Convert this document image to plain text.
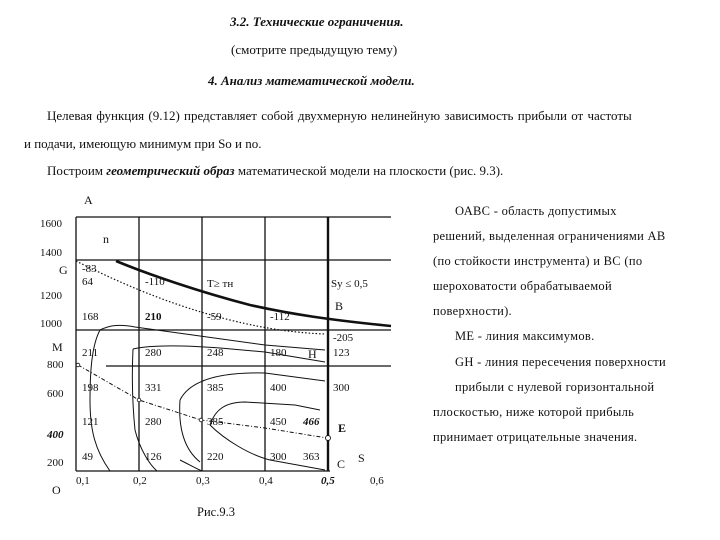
3.2. Технические ограничения.
(смотрите предыдущую тему)
4. Анализ математической модели.
Целевая функция (9.12) представляет собой двухмерную нелинейную зависимость прибыли от частоты
и подачи, имеющую минимум при So и no.
Построим геометрический образ математической модели на плоскости (рис. 9.3).
ОАВС - область допустимых
решений, выделенная ограничениями АВ
(по стойкости инструмента) и ВС (по
шероховатости обрабатываемой
поверхности).
МЕ - линия максимумов.
GH - линия пересечения поверхности
прибыли с нулевой горизонтальной
плоскостью, ниже которой прибыль
принимает отрицательные значения.
1600
1400
1200
1000
800
600
400
200
0,1	0,2	0,3	0,4	0,5	0,6
A
n
G
M
O
B
H
E
C S
Т≥ тн	Sy ≤ 0,5
-83
64
168
211
198
121
49
-110
210
280
331
280
126
-59
248
385
385
220
-112
180
400
450 466
300 363
-205
123
300
Рис.9.3
